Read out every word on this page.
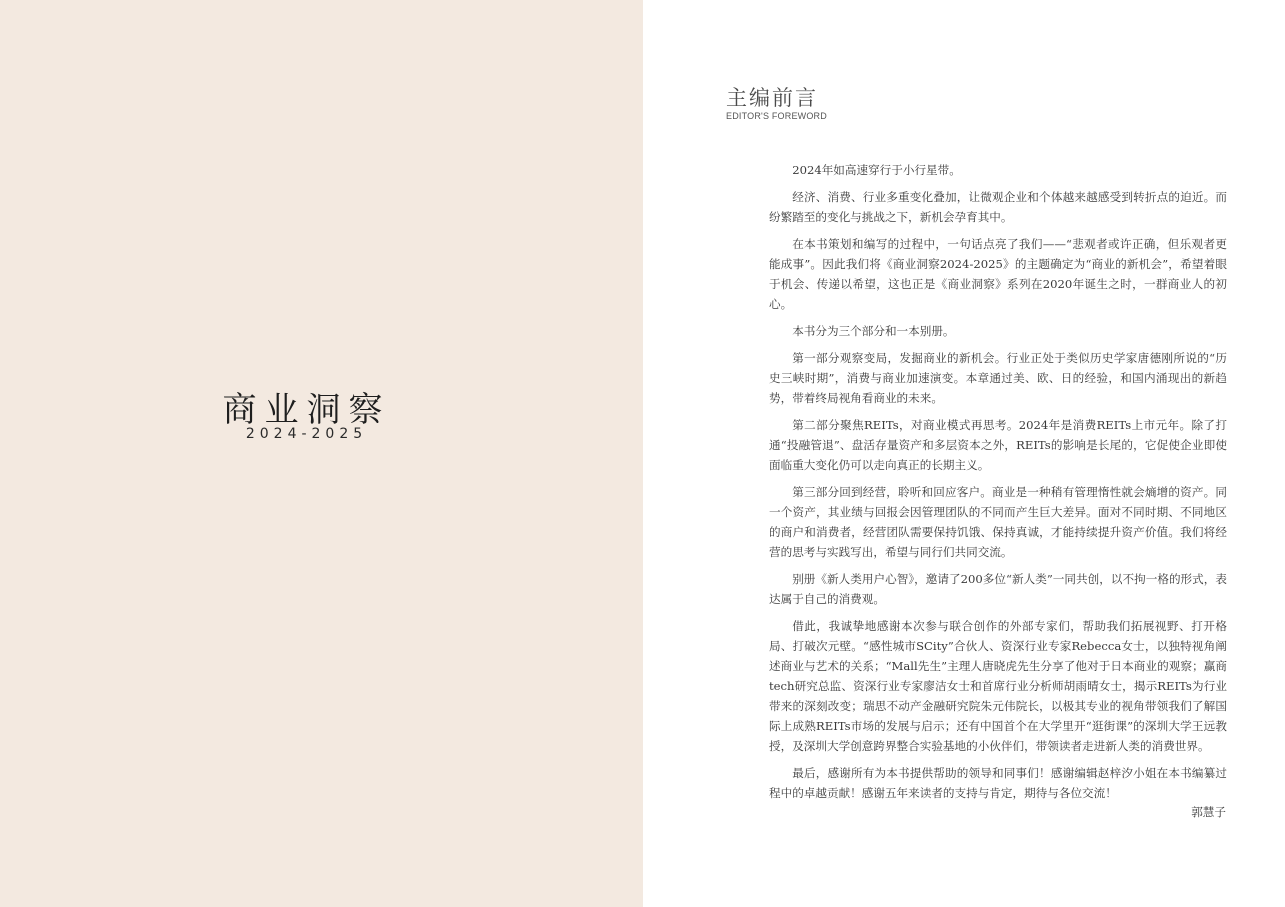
商业洞察
2024-2025
主编前言
EDITOR'S FOREWORD

2024年如高速穿行于小行星带。

经济、消费、行业多重变化叠加，让微观企业和个体越来越感受到转折点的迫近。而纷繁踏至的变化与挑战之下，新机会孕育其中。

在本书策划和编写的过程中，一句话点亮了我们——“悲观者或许正确，但乐观者更能成事”。因此我们将《商业洞察2024-2025》的主题确定为“商业的新机会”，希望着眼于机会、传递以希望，这也正是《商业洞察》系列在2020年诞生之时，一群商业人的初心。

本书分为三个部分和一本别册。

第一部分观察变局，发掘商业的新机会。行业正处于类似历史学家唐德刚所说的“历史三峡时期”，消费与商业加速演变。本章通过美、欧、日的经验，和国内涌现出的新趋势，带着终局视角看商业的未来。

第二部分聚焦REITs，对商业模式再思考。2024年是消费REITs上市元年。除了打通“投融管退”、盘活存量资产和多层资本之外，REITs的影响是长尾的，它促使企业即使面临重大变化仍可以走向真正的长期主义。

第三部分回到经营，聆听和回应客户。商业是一种稍有管理惰性就会熵增的资产。同一个资产，其业绩与回报会因管理团队的不同而产生巨大差异。面对不同时期、不同地区的商户和消费者，经营团队需要保持饥饿、保持真诚，才能持续提升资产价值。我们将经营的思考与实践写出，希望与同行们共同交流。

别册《新人类用户心智》，邀请了200多位“新人类”一同共创，以不拘一格的形式，表达属于自己的消费观。

借此，我诚挚地感谢本次参与联合创作的外部专家们，帮助我们拓展视野、打开格局、打破次元壁。“感性城市SCity”合伙人、资深行业专家Rebecca女士，以独特视角阐述商业与艺术的关系；“Mall先生”主理人唐晓虎先生分享了他对于日本商业的观察；赢商tech研究总监、资深行业专家廖洁女士和首席行业分析师胡雨晴女士，揭示REITs为行业带来的深刻改变；瑞思不动产金融研究院朱元伟院长，以极其专业的视角带领我们了解国际上成熟REITs市场的发展与启示；还有中国首个在大学里开“逛街课”的深圳大学王远教授，及深圳大学创意跨界整合实验基地的小伙伴们，带领读者走进新人类的消费世界。

最后，感谢所有为本书提供帮助的领导和同事们！感谢编辑赵梓汐小姐在本书编纂过程中的卓越贡献！感谢五年来读者的支持与肯定，期待与各位交流！

郭慧子
